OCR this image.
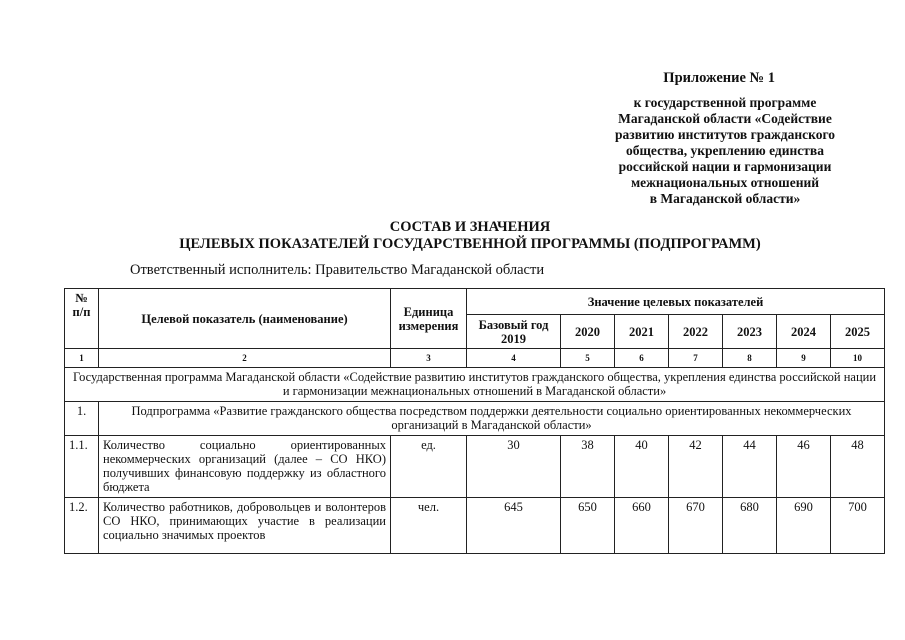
Приложение № 1
к государственной программе
Магаданской области «Содействие
развитию институтов гражданского
общества, укреплению единства
российской нации и гармонизации
межнациональных отношений
в Магаданской области»
СОСТАВ И ЗНАЧЕНИЯ
ЦЕЛЕВЫХ ПОКАЗАТЕЛЕЙ ГОСУДАРСТВЕННОЙ ПРОГРАММЫ (ПОДПРОГРАММ)
Ответственный исполнитель: Правительство Магаданской области
№ п/п	Целевой показатель (наименование)	Единица измерения	Значение целевых показателей						
			Базовый год 2019	2020	2021	2022	2023	2024	2025
1	2	3	4	5	6	7	8	9	10
Государственная программа Магаданской области «Содействие развитию институтов гражданского общества, укрепления единства российской нации и гармонизации межнациональных отношений в Магаданской области»									
1.	Подпрограмма «Развитие гражданского общества посредством поддержки деятельности социально ориентированных некоммерческих организаций в Магаданской области»								
1.1.	Количество социально ориентированных некоммерческих организаций (далее – СО НКО) получивших финансовую поддержку из областного бюджета	ед.	30	38	40	42	44	46	48
1.2.	Количество работников, добровольцев и волонтеров СО НКО, принимающих участие в реализации социально значимых проектов	чел.	645	650	660	670	680	690	700
